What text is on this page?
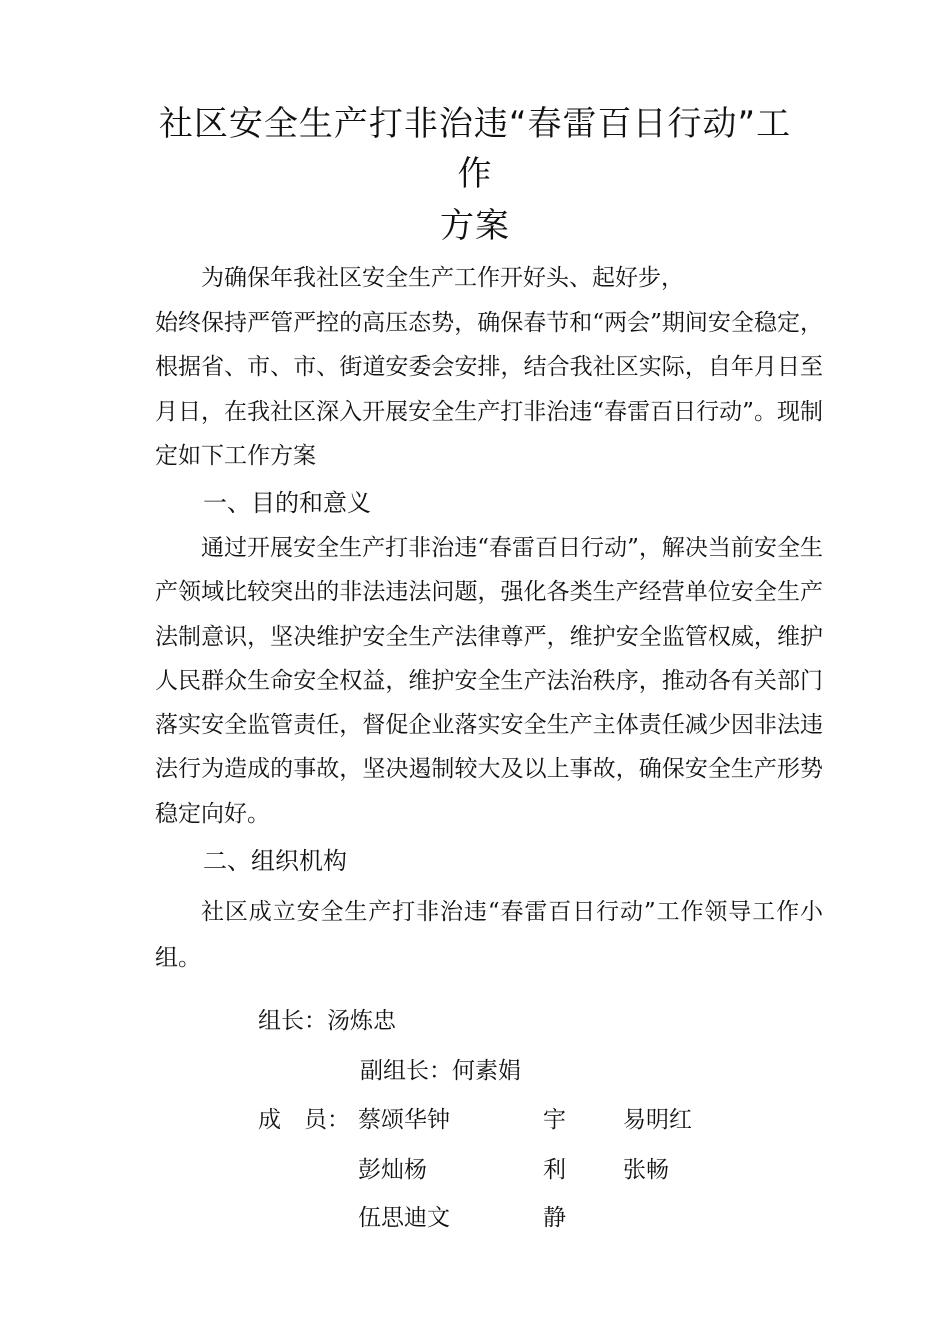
社区安全生产打非治违“春雷百日行动”工
作
方案
为确保年我社区安全生产工作开好头、起好步，
始终保持严管严控的高压态势，确保春节和“两会”期间安全稳定，根据省、市、市、街道安委会安排，结合我社区实际，自年月日至月日，在我社区深入开展安全生产打非治违“春雷百日行动”。现制定如下工作方案
一、目的和意义

通过开展安全生产打非治违“春雷百日行动”，解决当前安全生产领域比较突出的非法违法问题，强化各类生产经营单位安全生产法制意识，坚决维护安全生产法律尊严，维护安全监管权威，维护人民群众生命安全权益，维护安全生产法治秩序，推动各有关部门落实安全监管责任，督促企业落实安全生产主体责任减少因非法违法行为造成的事故，坚决遏制较大及以上事故，确保安全生产形势稳定向好。

二、组织机构

社区成立安全生产打非治违“春雷百日行动”工作领导工作小组。

组长：汤炼忠
副组长：何素娟
成　员： 蔡颂华钟	宇 易明红
彭灿杨	利 张畅
伍思迪文	静
